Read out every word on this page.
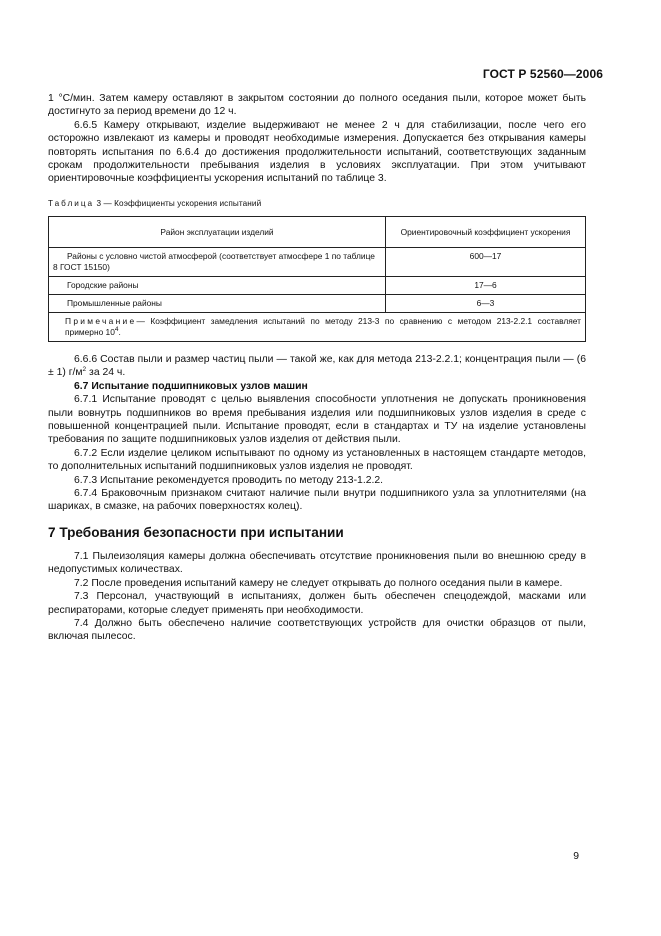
ГОСТ Р 52560—2006

1 °С/мин. Затем камеру оставляют в закрытом состоянии до полного оседания пыли, которое может быть достигнуто за период времени до 12 ч.

6.6.5 Камеру открывают, изделие выдерживают не менее 2 ч для стабилизации, после чего его осторожно извлекают из камеры и проводят необходимые измерения. Допускается без открывания камеры повторять испытания по 6.6.4 до достижения продолжительности испытаний, соответствующих заданным срокам продолжительности пребывания изделия в условиях эксплуатации. При этом учитывают ориентировочные коэффициенты ускорения испытаний по таблице 3.

Таблица 3 — Коэффициенты ускорения испытаний
Район эксплуатации изделий	Ориентировочный коэффициент ускорения
Районы с условно чистой атмосферой (соответствует атмосфере 1 по таблице 8 ГОСТ 15150)	600—17
Городские районы	17—6
Промышленные районы	6—3
Примечание— Коэффициент замедления испытаний по методу 213-3 по сравнению с методом 213-2.2.1 составляет примерно $10^4$.	

6.6.6 Состав пыли и размер частиц пыли — такой же, как для метода 213-2.2.1; концентрация пыли — (6 ± 1) $г/м^2$ за 24 ч.

6.7 Испытание подшипниковых узлов машин

6.7.1 Испытание проводят с целью выявления способности уплотнения не допускать проникновения пыли вовнутрь подшипников во время пребывания изделия или подшипниковых узлов изделия в среде с повышенной концентрацией пыли. Испытание проводят, если в стандартах и ТУ на изделие установлены требования по защите подшипниковых узлов изделия от действия пыли.

6.7.2 Если изделие целиком испытывают по одному из установленных в настоящем стандарте методов, то дополнительных испытаний подшипниковых узлов изделия не проводят.

6.7.3 Испытание рекомендуется проводить по методу 213-1.2.2.

6.7.4 Браковочным признаком считают наличие пыли внутри подшипникого узла за уплотнителями (на шариках, в смазке, на рабочих поверхностях колец).

7 Требования безопасности при испытании

7.1 Пылеизоляция камеры должна обеспечивать отсутствие проникновения пыли во внешнюю среду в недопустимых количествах.

7.2 После проведения испытаний камеру не следует открывать до полного оседания пыли в камере.

7.3 Персонал, участвующий в испытаниях, должен быть обеспечен спецодеждой, масками или респираторами, которые следует применять при необходимости.

7.4 Должно быть обеспечено наличие соответствующих устройств для очистки образцов от пыли, включая пылесос.

9
